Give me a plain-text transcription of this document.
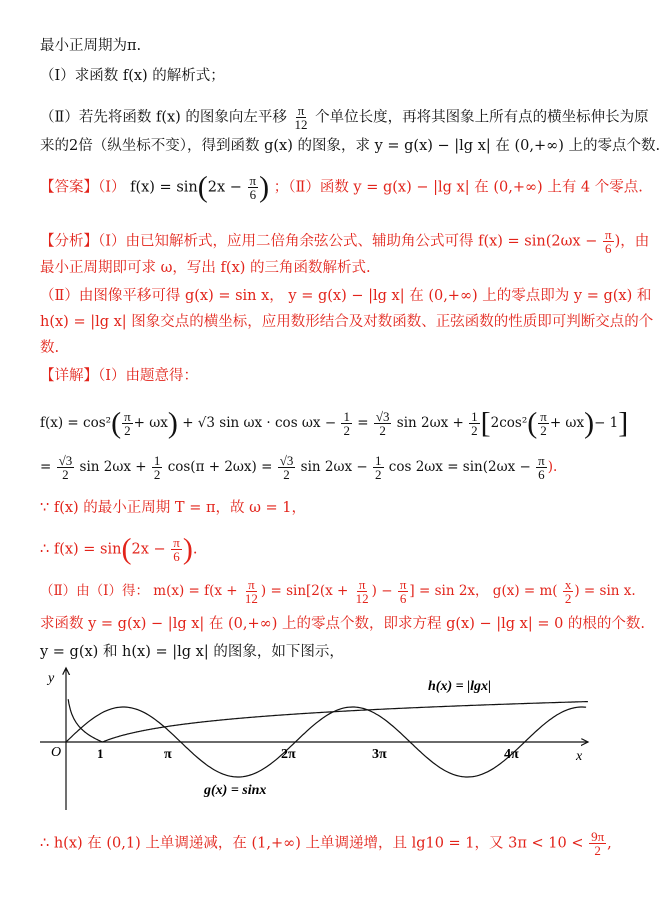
最小正周期为π.
（Ⅰ）求函数 f(x) 的解析式；
（Ⅱ）若先将函数 f(x) 的图象向左平移 $\frac{\pi}{12}$ 个单位长度，再将其图象上所有点的横坐标伸长为原
来的2倍（纵坐标不变），得到函数 g(x) 的图象，求 y = g(x) − |lg x| 在 (0,+∞) 上的零点个数.
【答案】（Ⅰ） $f(x) = \sin(2x - \frac{\pi}{6}$ ) ；（Ⅱ）函数 y = g(x) − |lg x| 在 (0,+∞) 上有 4 个零点.
【分析】（Ⅰ）由已知解析式，应用二倍角余弦公式、辅助角公式可得 $f(x) = \sin(2\omega x - \frac{\pi}{6}$ )，由
最小正周期即可求 ω，写出 f(x) 的三角函数解析式.
（Ⅱ）由图像平移可得 g(x) = sin x， y = g(x) − |lg x| 在 (0,+∞) 上的零点即为 y = g(x) 和
h(x) = |lg x| 图象交点的横坐标，应用数形结合及对数函数、正弦函数的性质即可判断交点的个
数.
【详解】（Ⅰ）由题意得：
$f(x) = \cos^2( \frac{\pi}{2} + \omega x) + √3$ $\sin \omega x \cdot \cos \omega x - \frac{1}{2} = \frac{√3}{2}$ $\sin 2\omega x + \frac{1}{2} [2\cos^2( \frac{\pi}{2} + \omega x)- 1]$
= $\frac{√3}{2}$ $\sin 2\omega x + \frac{1}{2} \cos(\pi + 2\omega x) = \frac{√3}{2}$ $\sin 2\omega x - \frac{1}{2}$ $\cos 2\omega x = \sin(2\omega x - \frac{\pi}{6}$ ).
∵ f(x) 的最小正周期 T = π，故 ω = 1，
∴ $f(x) = \sin(2x - \frac{\pi}{6}$ ).
（Ⅱ）由（Ⅰ）得： $m(x) = f(x + \frac{\pi}{12}$ ) = $\sin[2(x + \frac{\pi}{12}$ ) − $\frac{\pi}{6}$ ] = sin 2x， $g(x) = m( \frac{x}{2}$ ) = sin x.
求函数 y = g(x) − |lg x| 在 (0,+∞) 上的零点个数，即求方程 g(x) − |lg x| = 0 的根的个数.
y = g(x) 和 h(x) = |lg x| 的图象，如下图示，
y
x
O	1	π	2π	3π	4π
h(x) = |lgx|
g(x) = sinx
∴ h(x) 在 (0,1) 上单调递减，在 (1,+∞) 上单调递增，且 lg10 = 1，又 $3\pi < 10 < \frac{9\pi}{2}$ ,
